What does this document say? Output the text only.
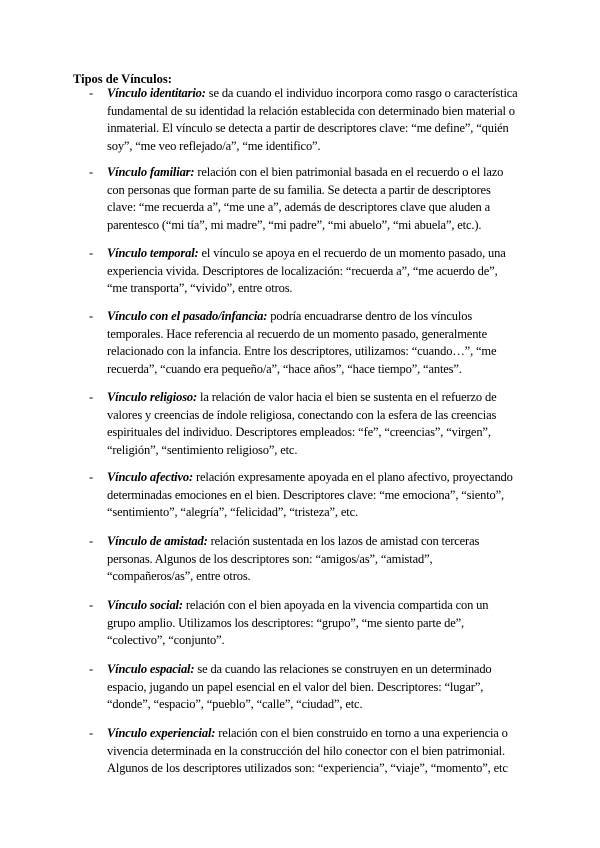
Tipos de Vínculos:
- Vínculo identitario: se da cuando el individuo incorpora como rasgo o característica fundamental de su identidad la relación establecida con determinado bien material o inmaterial. El vínculo se detecta a partir de descriptores clave: “me define”, “quién soy”, “me veo reflejado/a”, “me identifico”.
- Vínculo familiar: relación con el bien patrimonial basada en el recuerdo o el lazo con personas que forman parte de su familia. Se detecta a partir de descriptores clave: “me recuerda a”, “me une a”, además de descriptores clave que aluden a parentesco (“mi tía”, mi madre”, “mi padre”, “mi abuelo”, “mi abuela”, etc.).
- Vínculo temporal: el vínculo se apoya en el recuerdo de un momento pasado, una experiencia vivida. Descriptores de localización: “recuerda a”, “me acuerdo de”, “me transporta”, “vivido”, entre otros.
- Vínculo con el pasado/infancia: podría encuadrarse dentro de los vínculos temporales. Hace referencia al recuerdo de un momento pasado, generalmente relacionado con la infancia. Entre los descriptores, utilizamos: “cuando…”, “me recuerda”, “cuando era pequeño/a”, “hace años”, “hace tiempo”, “antes”.
- Vínculo religioso: la relación de valor hacia el bien se sustenta en el refuerzo de valores y creencias de índole religiosa, conectando con la esfera de las creencias espirituales del individuo. Descriptores empleados: “fe”, “creencias”, “virgen”, “religión”, “sentimiento religioso”, etc.
- Vínculo afectivo: relación expresamente apoyada en el plano afectivo, proyectando determinadas emociones en el bien. Descriptores clave: “me emociona”, “siento”, “sentimiento”, “alegría”, “felicidad”, “tristeza”, etc.
- Vínculo de amistad: relación sustentada en los lazos de amistad con terceras personas. Algunos de los descriptores son: “amigos/as”, “amistad”, “compañeros/as”, entre otros.
- Vínculo social: relación con el bien apoyada en la vivencia compartida con un grupo amplio. Utilizamos los descriptores: “grupo”, “me siento parte de”, “colectivo”, “conjunto”.
- Vínculo espacial: se da cuando las relaciones se construyen en un determinado espacio, jugando un papel esencial en el valor del bien. Descriptores: “lugar”, “donde”, “espacio”, “pueblo”, “calle”, “ciudad”, etc.
- Vínculo experiencial: relación con el bien construido en torno a una experiencia o vivencia determinada en la construcción del hilo conector con el bien patrimonial. Algunos de los descriptores utilizados son: “experiencia”, “viaje”, “momento”, etc
